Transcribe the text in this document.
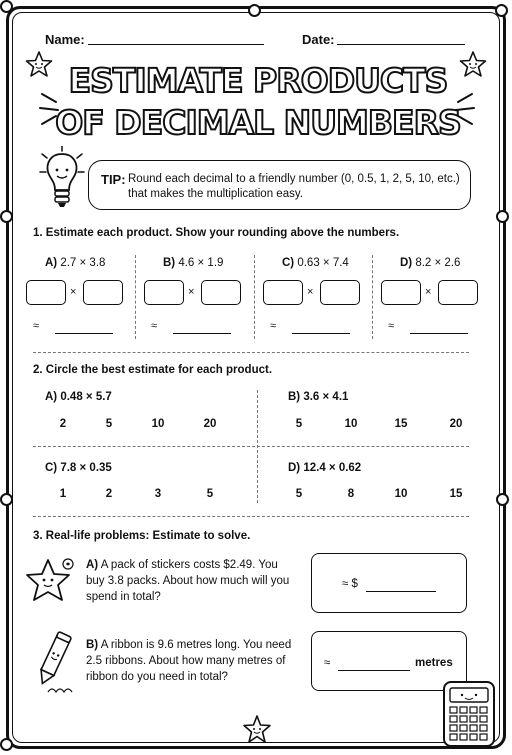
Name:	Date:
ESTIMATE PRODUCTS
OF DECIMAL NUMBERS
TIP: Round each decimal to a friendly number (0, 0.5, 1, 2, 5, 10, etc.) that makes the multiplication easy.
1. Estimate each product. Show your rounding above the numbers.
A) 2.7 × 3.8
×
≈
B) 4.6 × 1.9
×
≈
C) 0.63 × 7.4
×
≈
D) 8.2 × 2.6
×
≈
2. Circle the best estimate for each product.
A) 0.48 × 5.7
2	5	10	20
B) 3.6 × 4.1
5	10	15	20
C) 7.8 × 0.35
1	2	3	5
D) 12.4 × 0.62
5	8	10	15
3. Real-life problems: Estimate to solve.
A) A pack of stickers costs $2.49. You buy 3.8 packs. About how much will you spend in total?
B) A ribbon is 9.6 metres long. You need 2.5 ribbons. About how many metres of ribbon do you need in total?
≈ $
≈	metres
